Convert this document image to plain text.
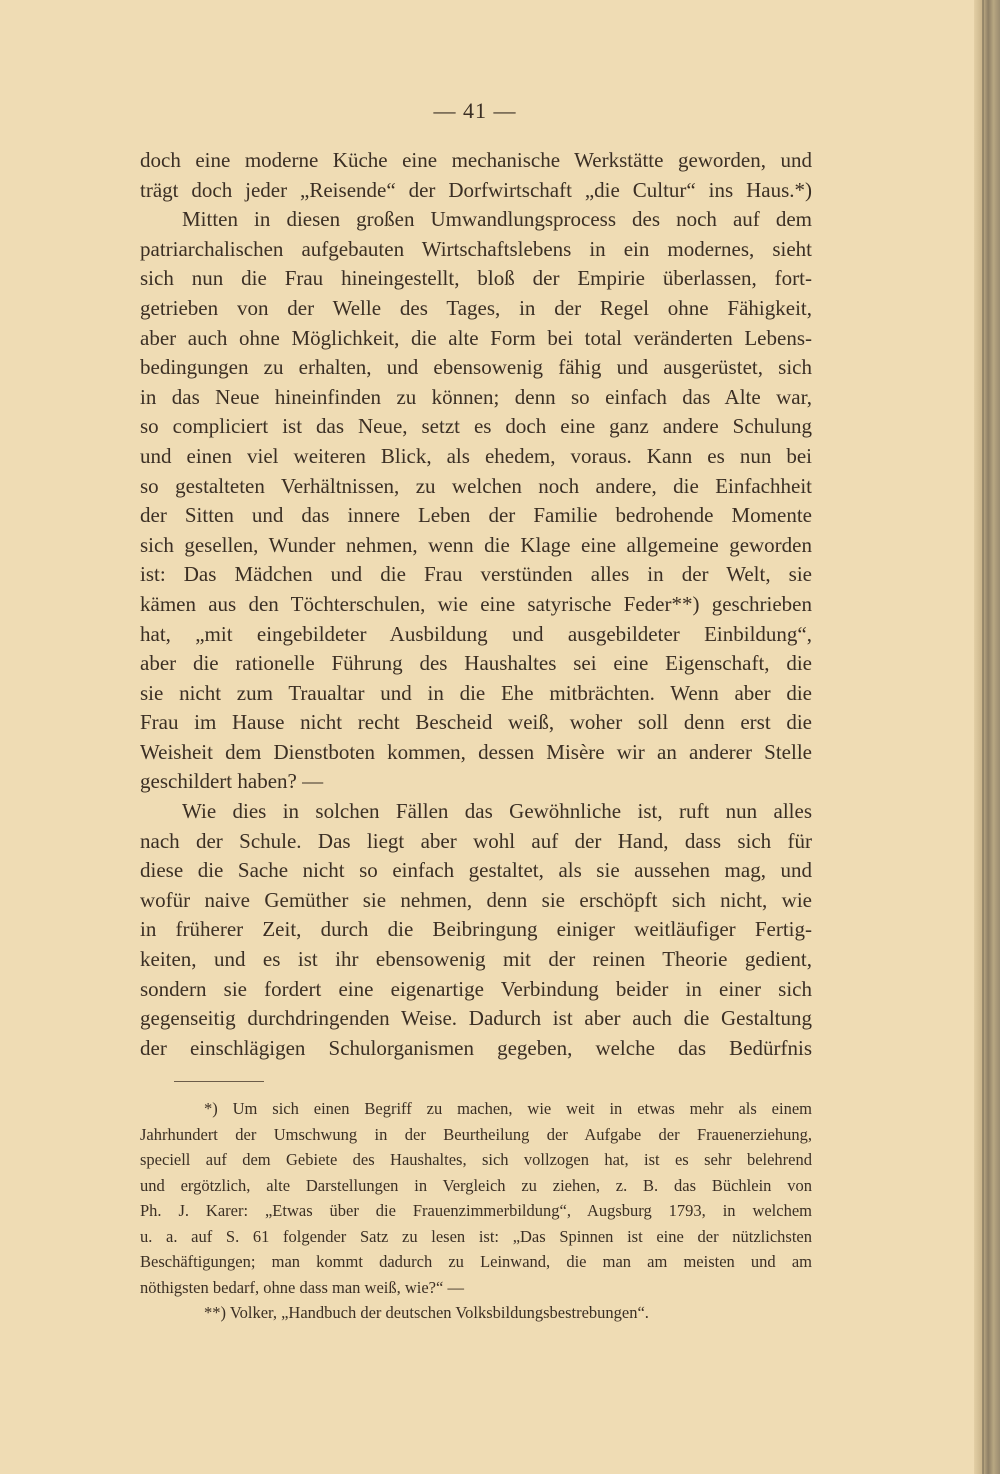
— 41 —
doch eine moderne Küche eine mechanische Werkstätte geworden, und
trägt doch jeder „Reisende“ der Dorfwirtschaft „die Cultur“ ins Haus.*)
Mitten in diesen großen Umwandlungsprocess des noch auf dem
patriarchalischen aufgebauten Wirtschaftslebens in ein modernes, sieht
sich nun die Frau hineingestellt, bloß der Empirie überlassen, fort-
getrieben von der Welle des Tages, in der Regel ohne Fähigkeit,
aber auch ohne Möglichkeit, die alte Form bei total veränderten Lebens-
bedingungen zu erhalten, und ebensowenig fähig und ausgerüstet, sich
in das Neue hineinfinden zu können; denn so einfach das Alte war,
so compliciert ist das Neue, setzt es doch eine ganz andere Schulung
und einen viel weiteren Blick, als ehedem, voraus. Kann es nun bei
so gestalteten Verhältnissen, zu welchen noch andere, die Einfachheit
der Sitten und das innere Leben der Familie bedrohende Momente
sich gesellen, Wunder nehmen, wenn die Klage eine allgemeine geworden
ist: Das Mädchen und die Frau verstünden alles in der Welt, sie
kämen aus den Töchterschulen, wie eine satyrische Feder**) geschrieben
hat, „mit eingebildeter Ausbildung und ausgebildeter Einbildung“,
aber die rationelle Führung des Haushaltes sei eine Eigenschaft, die
sie nicht zum Traualtar und in die Ehe mitbrächten. Wenn aber die
Frau im Hause nicht recht Bescheid weiß, woher soll denn erst die
Weisheit dem Dienstboten kommen, dessen Misère wir an anderer Stelle
geschildert haben? —
Wie dies in solchen Fällen das Gewöhnliche ist, ruft nun alles
nach der Schule. Das liegt aber wohl auf der Hand, dass sich für
diese die Sache nicht so einfach gestaltet, als sie aussehen mag, und
wofür naive Gemüther sie nehmen, denn sie erschöpft sich nicht, wie
in früherer Zeit, durch die Beibringung einiger weitläufiger Fertig-
keiten, und es ist ihr ebensowenig mit der reinen Theorie gedient,
sondern sie fordert eine eigenartige Verbindung beider in einer sich
gegenseitig durchdringenden Weise. Dadurch ist aber auch die Gestaltung
der einschlägigen Schulorganismen gegeben, welche das Bedürfnis
*) Um sich einen Begriff zu machen, wie weit in etwas mehr als einem
Jahrhundert der Umschwung in der Beurtheilung der Aufgabe der Frauenerziehung,
speciell auf dem Gebiete des Haushaltes, sich vollzogen hat, ist es sehr belehrend
und ergötzlich, alte Darstellungen in Vergleich zu ziehen, z. B. das Büchlein von
Ph. J. Karer: „Etwas über die Frauenzimmerbildung“, Augsburg 1793, in welchem
u. a. auf S. 61 folgender Satz zu lesen ist: „Das Spinnen ist eine der nützlichsten
Beschäftigungen; man kommt dadurch zu Leinwand, die man am meisten und am
nöthigsten bedarf, ohne dass man weiß, wie?“ —
**) Volker, „Handbuch der deutschen Volksbildungsbestrebungen“.
